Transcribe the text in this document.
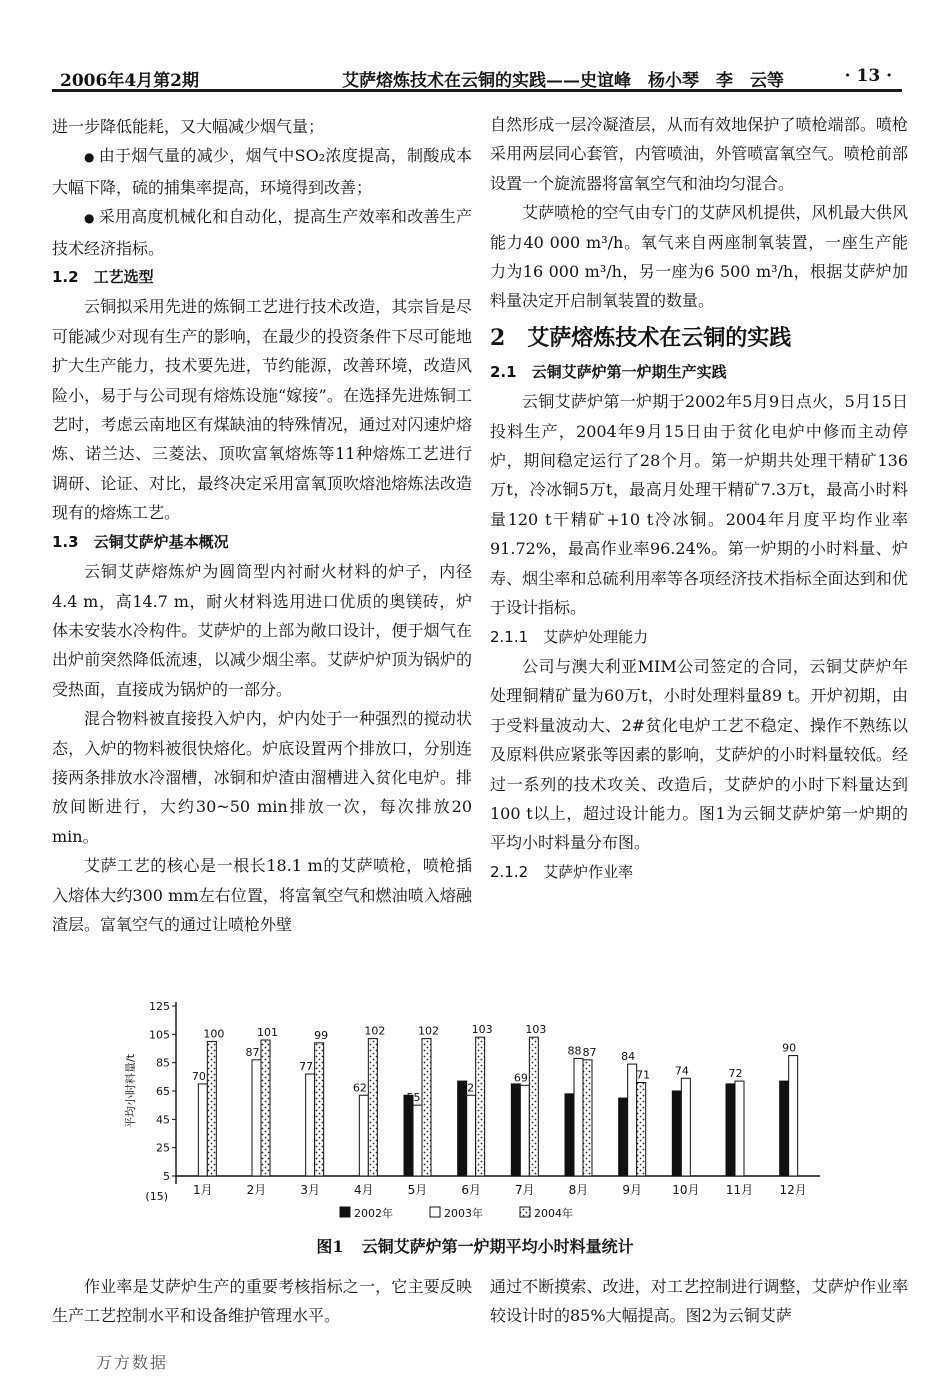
2006年4月第2期	艾萨熔炼技术在云铜的实践——史谊峰　杨小琴　李　云等	· 13 ·

进一步降低能耗，又大幅减少烟气量；

● 由于烟气量的减少，烟气中SO₂浓度提高，制酸成本大幅下降，硫的捕集率提高，环境得到改善；

● 采用高度机械化和自动化，提高生产效率和改善生产技术经济指标。

1.2　工艺选型

云铜拟采用先进的炼铜工艺进行技术改造，其宗旨是尽可能减少对现有生产的影响，在最少的投资条件下尽可能地扩大生产能力，技术要先进，节约能源，改善环境，改造风险小，易于与公司现有熔炼设施“嫁接”。在选择先进炼铜工艺时，考虑云南地区有煤缺油的特殊情况，通过对闪速炉熔炼、诺兰达、三菱法、顶吹富氧熔炼等11种熔炼工艺进行调研、论证、对比，最终决定采用富氧顶吹熔池熔炼法改造现有的熔炼工艺。

1.3　云铜艾萨炉基本概况

云铜艾萨熔炼炉为圆筒型内衬耐火材料的炉子，内径4.4 m，高14.7 m，耐火材料选用进口优质的奥镁砖，炉体未安装水冷构件。艾萨炉的上部为敞口设计，便于烟气在出炉前突然降低流速，以减少烟尘率。艾萨炉炉顶为锅炉的受热面，直接成为锅炉的一部分。

混合物料被直接投入炉内，炉内处于一种强烈的搅动状态，入炉的物料被很快熔化。炉底设置两个排放口，分别连接两条排放水冷溜槽，冰铜和炉渣由溜槽进入贫化电炉。排放间断进行，大约30~50 min排放一次，每次排放20 min。

艾萨工艺的核心是一根长18.1 m的艾萨喷枪，喷枪插入熔体大约300 mm左右位置，将富氧空气和燃油喷入熔融渣层。富氧空气的通过让喷枪外壁

自然形成一层冷凝渣层，从而有效地保护了喷枪端部。喷枪采用两层同心套管，内管喷油，外管喷富氧空气。喷枪前部设置一个旋流器将富氧空气和油均匀混合。

艾萨喷枪的空气由专门的艾萨风机提供，风机最大供风能力40 000 m³/h。氧气来自两座制氧装置，一座生产能力为16 000 m³/h，另一座为6 500 m³/h，根据艾萨炉加料量决定开启制氧装置的数量。

2　艾萨熔炼技术在云铜的实践
2.1　云铜艾萨炉第一炉期生产实践

云铜艾萨炉第一炉期于2002年5月9日点火，5月15日投料生产，2004年9月15日由于贫化电炉中修而主动停炉，期间稳定运行了28个月。第一炉期共处理干精矿136万t，冷冰铜5万t，最高月处理干精矿7.3万t，最高小时料量120 t干精矿+10 t冷冰铜。2004年月度平均作业率91.72%，最高作业率96.24%。第一炉期的小时料量、炉寿、烟尘率和总硫利用率等各项经济技术指标全面达到和优于设计指标。

2.1.1　艾萨炉处理能力

公司与澳大利亚MIM公司签定的合同，云铜艾萨炉年处理铜精矿量为60万t，小时处理料量89 t。开炉初期，由于受料量波动大、2#贫化电炉工艺不稳定、操作不熟练以及原料供应紧张等因素的影响，艾萨炉的小时料量较低。经过一系列的技术攻关、改造后，艾萨炉的小时下料量达到100 t以上，超过设计能力。图1为云铜艾萨炉第一炉期的平均小时料量分布图。

2.1.2　艾萨炉作业率
125
105
85
65
45
25
5
(15)
平均小时料量/t
1月	2月	3月	4月	5月	6月	7月	8月	9月	10月 11月 12月
70
100
87
101
77
99
62
102
55
102
62
103
69
103
88 87 84
71 74	72
90
2002年	2003年	2004年
图1 云铜艾萨炉第一炉期平均小时料量统计

作业率是艾萨炉生产的重要考核指标之一，它主要反映生产工艺控制水平和设备维护管理水平。

通过不断摸索、改进，对工艺控制进行调整，艾萨炉作业率较设计时的85%大幅提高。图2为云铜艾萨

万方数据
